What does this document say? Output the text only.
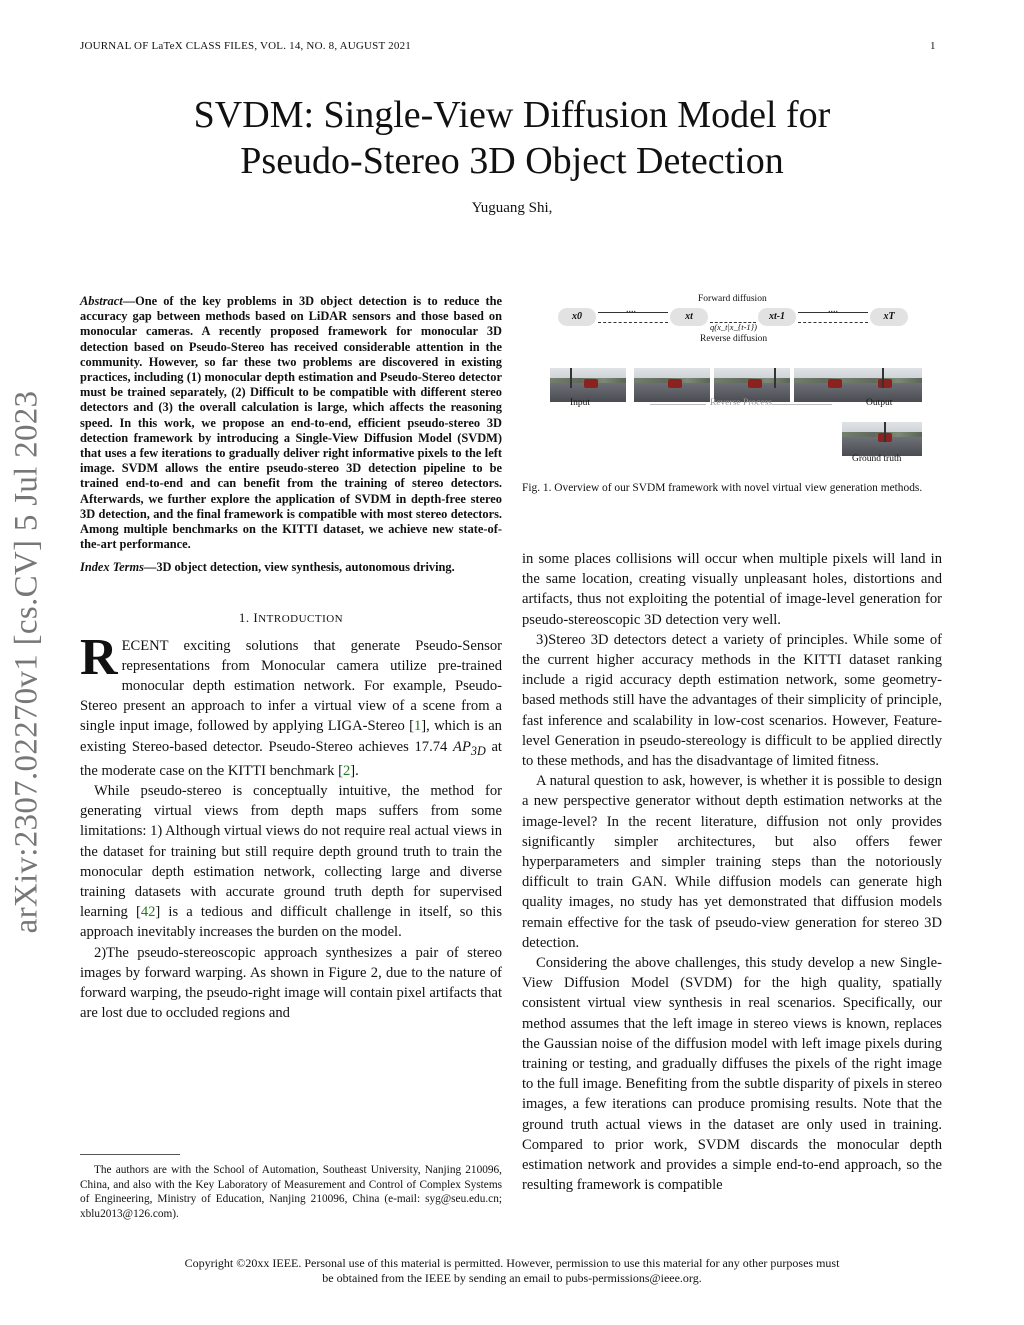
JOURNAL OF LaTeX CLASS FILES, VOL. 14, NO. 8, AUGUST 2021	1
SVDM: Single-View Diffusion Model for
Pseudo-Stereo 3D Object Detection
Yuguang Shi,
arXiv:2307.02270v1 [cs.CV] 5 Jul 2023

Abstract—One of the key problems in 3D object detection is to reduce the accuracy gap between methods based on LiDAR sensors and those based on monocular cameras. A recently proposed framework for monocular 3D detection based on Pseudo-Stereo has received considerable attention in the community. However, so far these two problems are discovered in existing practices, including (1) monocular depth estimation and Pseudo-Stereo detector must be trained separately, (2) Difficult to be compatible with different stereo detectors and (3) the overall calculation is large, which affects the reasoning speed. In this work, we propose an end-to-end, efficient pseudo-stereo 3D detection framework by introducing a Single-View Diffusion Model (SVDM) that uses a few iterations to gradually deliver right informative pixels to the left image. SVDM allows the entire pseudo-stereo 3D detection pipeline to be trained end-to-end and can benefit from the training of stereo detectors. Afterwards, we further explore the application of SVDM in depth-free stereo 3D detection, and the final framework is compatible with most stereo detectors. Among multiple benchmarks on the KITTI dataset, we achieve new state-of-the-art performance.

Index Terms—3D object detection, view synthesis, autonomous driving.

1. INTRODUCTION

RECENT exciting solutions that generate Pseudo-Sensor representations from Monocular camera utilize pre-trained monocular depth estimation network. For example, Pseudo-Stereo present an approach to infer a virtual view of a scene from a single input image, followed by applying LIGA-Stereo [1], which is an existing Stereo-based detector. Pseudo-Stereo achieves 17.74 $AP_{3D}$ at the moderate case on the KITTI benchmark [2].

While pseudo-stereo is conceptually intuitive, the method for generating virtual views from depth maps suffers from some limitations: 1) Although virtual views do not require real actual views in the dataset for training but still require depth ground truth to train the monocular depth estimation network, collecting large and diverse training datasets with accurate ground truth depth for supervised learning [42] is a tedious and difficult challenge in itself, so this approach inevitably increases the burden on the model.

2)The pseudo-stereoscopic approach synthesizes a pair of stereo images by forward warping. As shown in Figure 2, due to the nature of forward warping, the pseudo-right image will contain pixel artifacts that are lost due to occluded regions and

The authors are with the School of Automation, Southeast University, Nanjing 210096, China, and also with the Key Laboratory of Measurement and Control of Complex Systems of Engineering, Ministry of Education, Nanjing 210096, China (e-mail: syg@seu.edu.cn; xblu2013@126.com).
Forward diffusion
x0
....
xt	xt-1
....
xT
q(x_t|x_{t-1})
Reverse diffusion
Input	Reverse Process	Output
Ground truth
Fig. 1. Overview of our SVDM framework with novel virtual view generation methods.

in some places collisions will occur when multiple pixels will land in the same location, creating visually unpleasant holes, distortions and artifacts, thus not exploiting the potential of image-level generation for pseudo-stereoscopic 3D detection very well.

3)Stereo 3D detectors detect a variety of principles. While some of the current higher accuracy methods in the KITTI dataset ranking include a rigid accuracy depth estimation network, some geometry-based methods still have the advantages of their simplicity of principle, fast inference and scalability in low-cost scenarios. However, Feature-level Generation in pseudo-stereology is difficult to be applied directly to these methods, and has the disadvantage of limited fitness.

A natural question to ask, however, is whether it is possible to design a new perspective generator without depth estimation networks at the image-level? In the recent literature, diffusion not only provides significantly simpler architectures, but also offers fewer hyperparameters and simpler training steps than the notoriously difficult to train GAN. While diffusion models can generate high quality images, no study has yet demonstrated that diffusion models remain effective for the task of pseudo-view generation for stereo 3D detection.

Considering the above challenges, this study develop a new Single-View Diffusion Model (SVDM) for the high quality, spatially consistent virtual view synthesis in real scenarios. Specifically, our method assumes that the left image in stereo views is known, replaces the Gaussian noise of the diffusion model with left image pixels during training or testing, and gradually diffuses the pixels of the right image to the full image. Benefiting from the subtle disparity of pixels in stereo images, a few iterations can produce promising results. Note that the ground truth actual views in the dataset are only used in training. Compared to prior work, SVDM discards the monocular depth estimation network and provides a simple end-to-end approach, so the resulting framework is compatible

Copyright ©20xx IEEE. Personal use of this material is permitted. However, permission to use this material for any other purposes must
be obtained from the IEEE by sending an email to pubs-permissions@ieee.org.
